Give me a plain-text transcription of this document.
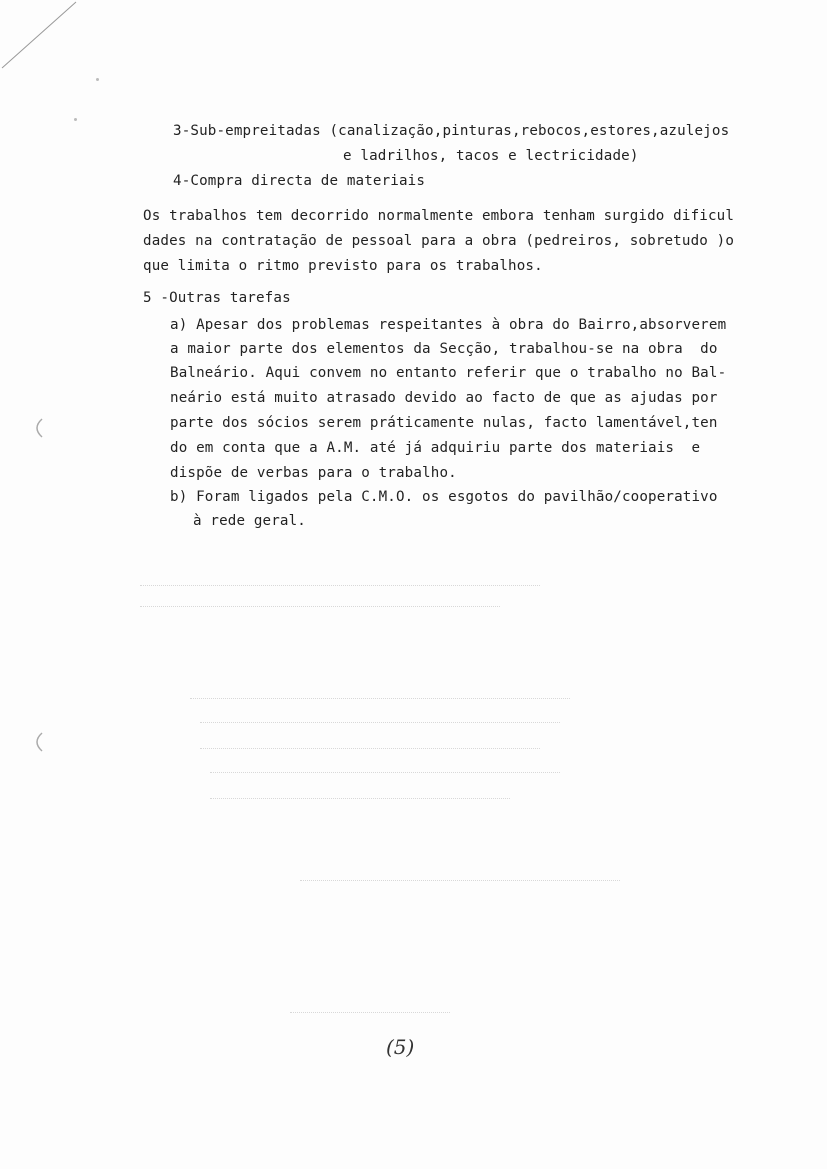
3-Sub-empreitadas (canalização,pinturas,rebocos,estores,azulejos
e ladrilhos, tacos e lectricidade)
4-Compra directa de materiais
Os trabalhos tem decorrido normalmente embora tenham surgido dificul
dades na contratação de pessoal para a obra (pedreiros, sobretudo )o
que limita o ritmo previsto para os trabalhos.
5 -Outras tarefas
a) Apesar dos problemas respeitantes à obra do Bairro,absorverem
a maior parte dos elementos da Secção, trabalhou-se na obra  do
Balneário. Aqui convem no entanto referir que o trabalho no Bal-
neário está muito atrasado devido ao facto de que as ajudas por
parte dos sócios serem práticamente nulas, facto lamentável,ten
do em conta que a A.M. até já adquiriu parte dos materiais  e
dispõe de verbas para o trabalho.
b) Foram ligados pela C.M.O. os esgotos do pavilhão/cooperativo
à rede geral.
(5)
